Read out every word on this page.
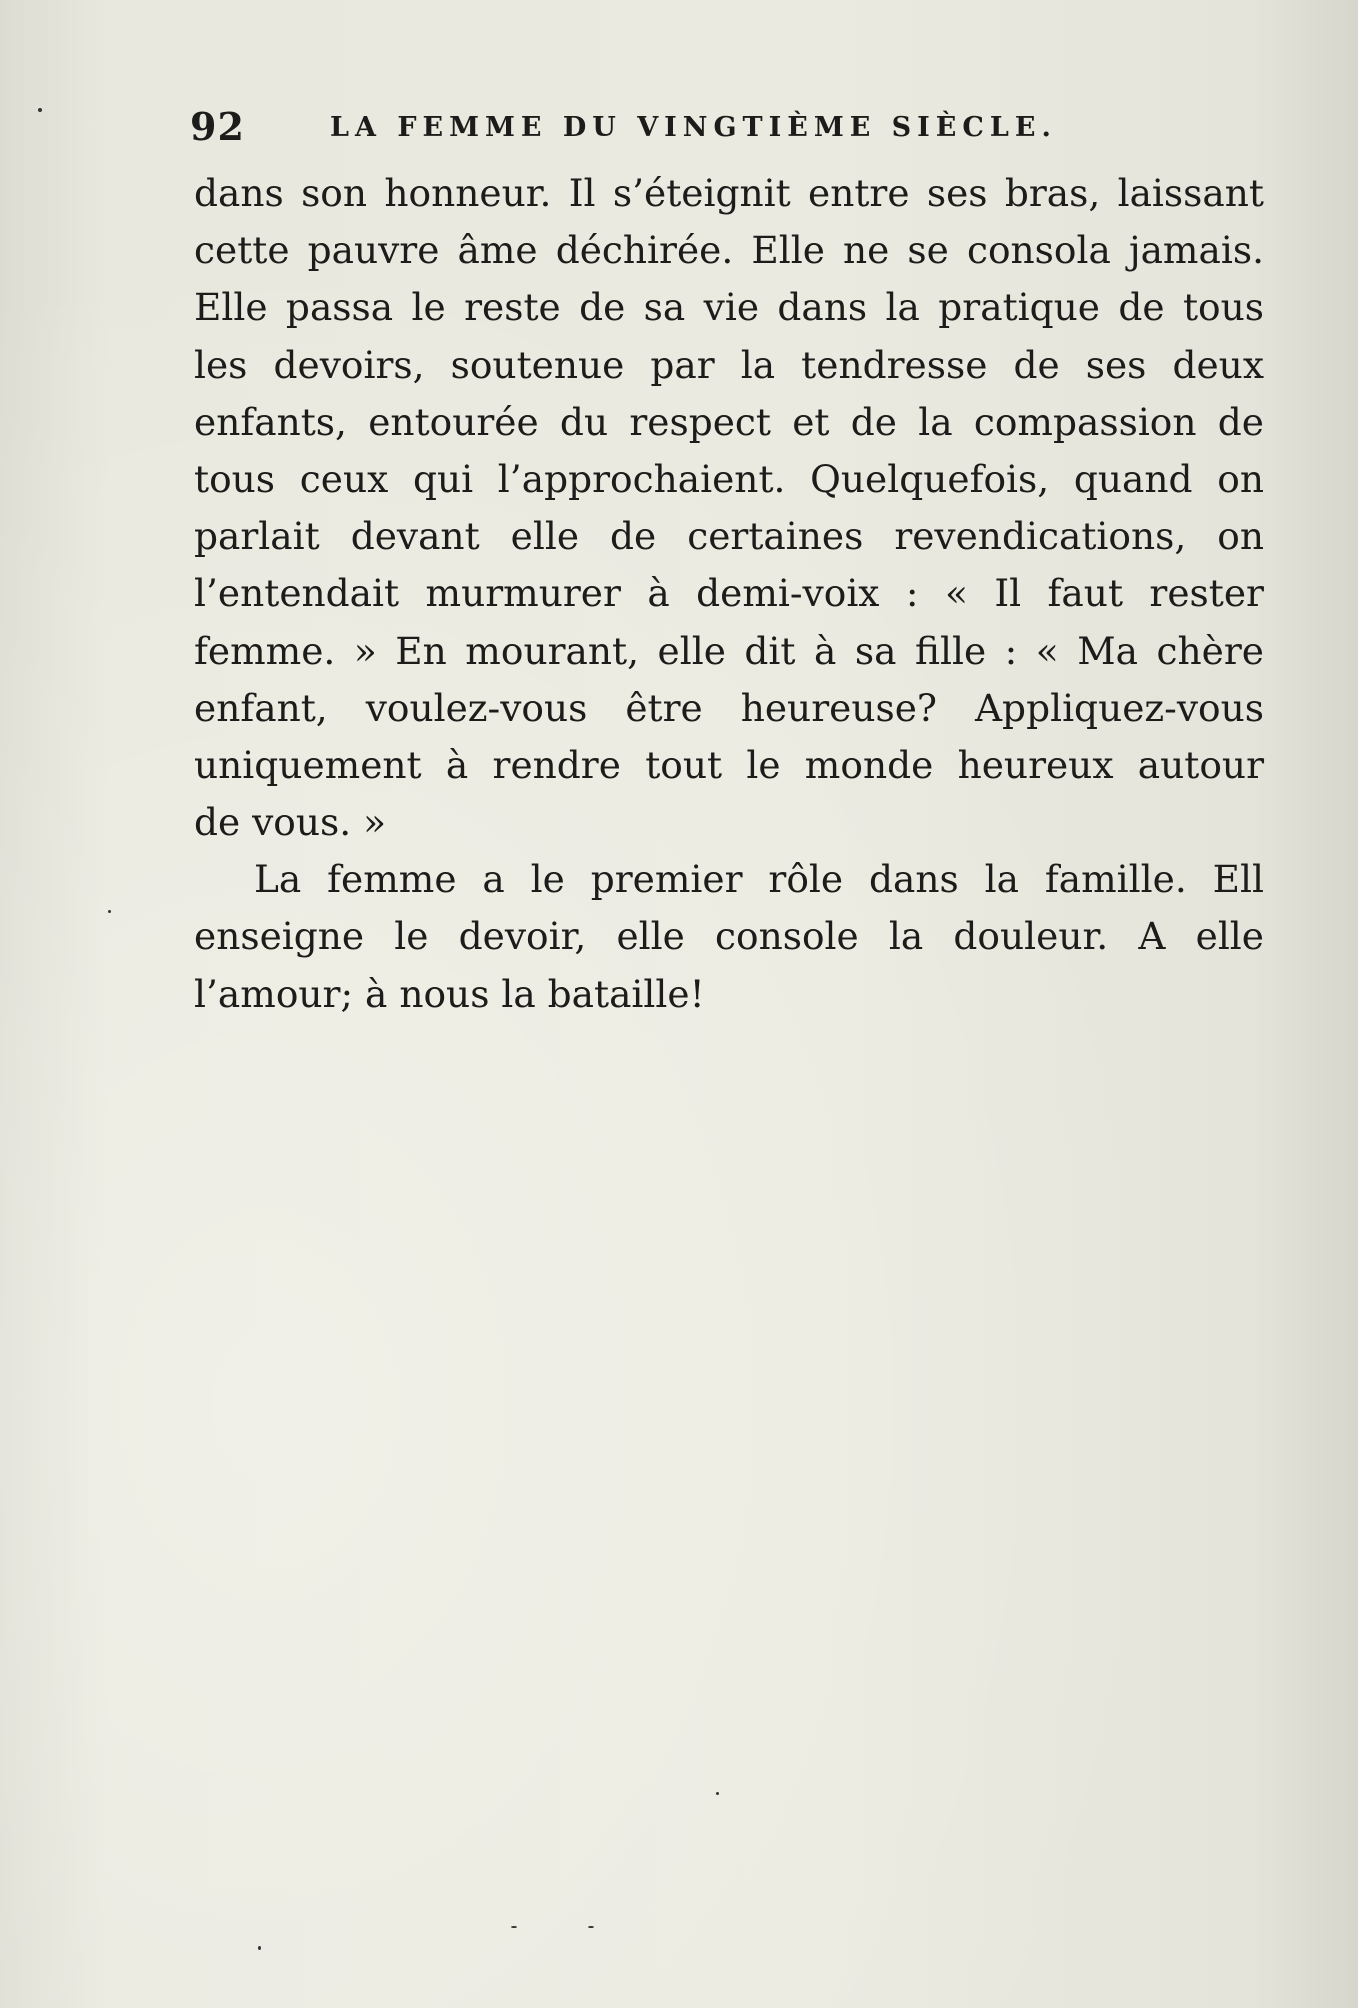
92	LA FEMME DU VINGTIÈME SIÈCLE.
dans son honneur. Il s’éteignit entre ses bras, laissant
cette pauvre âme déchirée. Elle ne se consola jamais.
Elle passa le reste de sa vie dans la pratique de tous
les devoirs, soutenue par la tendresse de ses deux
enfants, entourée du respect et de la compassion de
tous ceux qui l’approchaient. Quelquefois, quand on
parlait devant elle de certaines revendications, on
l’entendait murmurer à demi-voix : « Il faut rester
femme. » En mourant, elle dit à sa fille : « Ma chère
enfant, voulez-vous être heureuse? Appliquez-vous
uniquement à rendre tout le monde heureux autour
de vous. »
La femme a le premier rôle dans la famille. Ell
enseigne le devoir, elle console la douleur. A elle
l’amour; à nous la bataille!
